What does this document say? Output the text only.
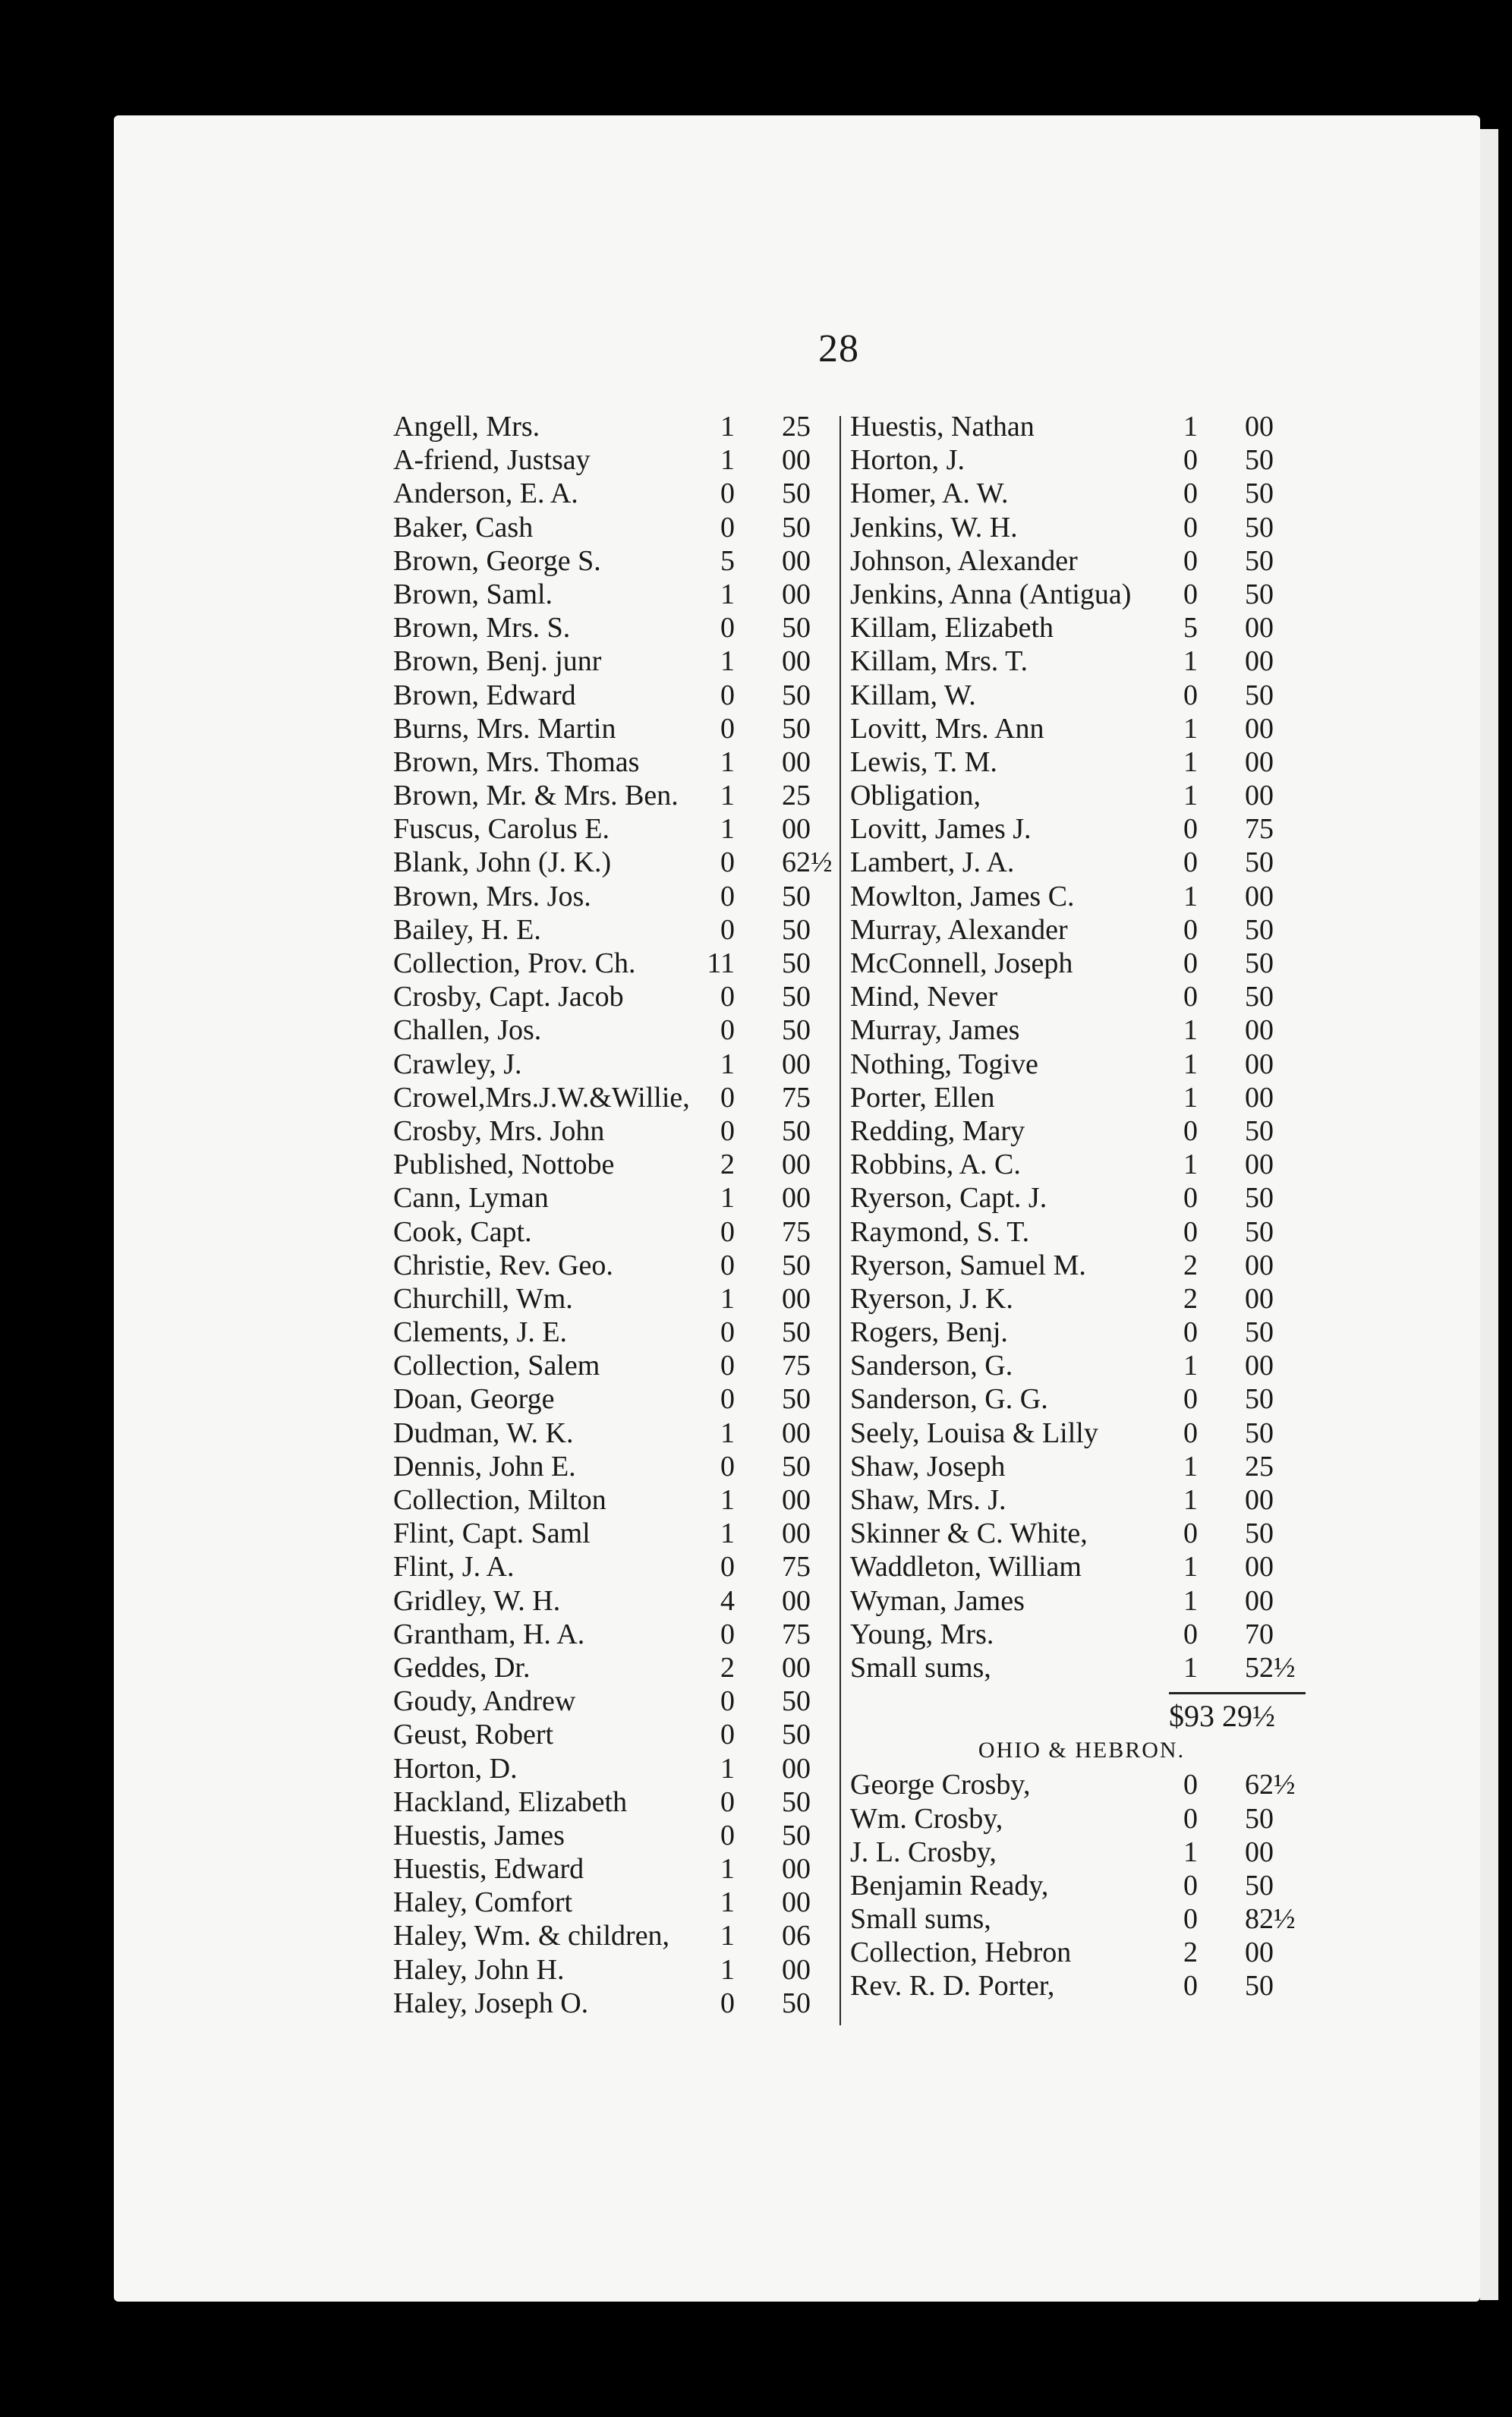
28
Angell, Mrs.	1 25
A-friend, Justsay	1 00
Anderson, E. A.	0 50
Baker, Cash	0 50
Brown, George S.	5 00
Brown, Saml.	1 00
Brown, Mrs. S.	0 50
Brown, Benj. junr	1 00
Brown, Edward	0 50
Burns, Mrs. Martin	0 50
Brown, Mrs. Thomas	1 00
Brown, Mr. & Mrs. Ben.	1 25
Fuscus, Carolus E.	1 00
Blank, John (J. K.)	0 62½
Brown, Mrs. Jos.	0 50
Bailey, H. E.	0 50
Collection, Prov. Ch.	11 50
Crosby, Capt. Jacob	0 50
Challen, Jos.	0 50
Crawley, J.	1 00
Crowel,Mrs.J.W.&Willie,	0 75
Crosby, Mrs. John	0 50
Published, Nottobe	2 00
Cann, Lyman	1 00
Cook, Capt.	0 75
Christie, Rev. Geo.	0 50
Churchill, Wm.	1 00
Clements, J. E.	0 50
Collection, Salem	0 75
Doan, George	0 50
Dudman, W. K.	1 00
Dennis, John E.	0 50
Collection, Milton	1 00
Flint, Capt. Saml	1 00
Flint, J. A.	0 75
Gridley, W. H.	4 00
Grantham, H. A.	0 75
Geddes, Dr.	2 00
Goudy, Andrew	0 50
Geust, Robert	0 50
Horton, D.	1 00
Hackland, Elizabeth	0 50
Huestis, James	0 50
Huestis, Edward	1 00
Haley, Comfort	1 00
Haley, Wm. & children,	1 06
Haley, John H.	1 00
Haley, Joseph O.	0 50
Huestis, Nathan	1 00
Horton, J.	0 50
Homer, A. W.	0 50
Jenkins, W. H.	0 50
Johnson, Alexander	0 50
Jenkins, Anna (Antigua)	0 50
Killam, Elizabeth	5 00
Killam, Mrs. T.	1 00
Killam, W.	0 50
Lovitt, Mrs. Ann	1 00
Lewis, T. M.	1 00
Obligation,	1 00
Lovitt, James J.	0 75
Lambert, J. A.	0 50
Mowlton, James C.	1 00
Murray, Alexander	0 50
McConnell, Joseph	0 50
Mind, Never	0 50
Murray, James	1 00
Nothing, Togive	1 00
Porter, Ellen	1 00
Redding, Mary	0 50
Robbins, A. C.	1 00
Ryerson, Capt. J.	0 50
Raymond, S. T.	0 50
Ryerson, Samuel M.	2 00
Ryerson, J. K.	2 00
Rogers, Benj.	0 50
Sanderson, G.	1 00
Sanderson, G. G.	0 50
Seely, Louisa & Lilly	0 50
Shaw, Joseph	1 25
Shaw, Mrs. J.	1 00
Skinner & C. White,	0 50
Waddleton, William	1 00
Wyman, James	1 00
Young, Mrs.	0 70
Small sums,	1 52½
$93 29½
OHIO & HEBRON.
George Crosby,	0 62½
Wm. Crosby,	0 50
J. L. Crosby,	1 00
Benjamin Ready,	0 50
Small sums,	0 82½
Collection, Hebron	2 00
Rev. R. D. Porter,	0 50
